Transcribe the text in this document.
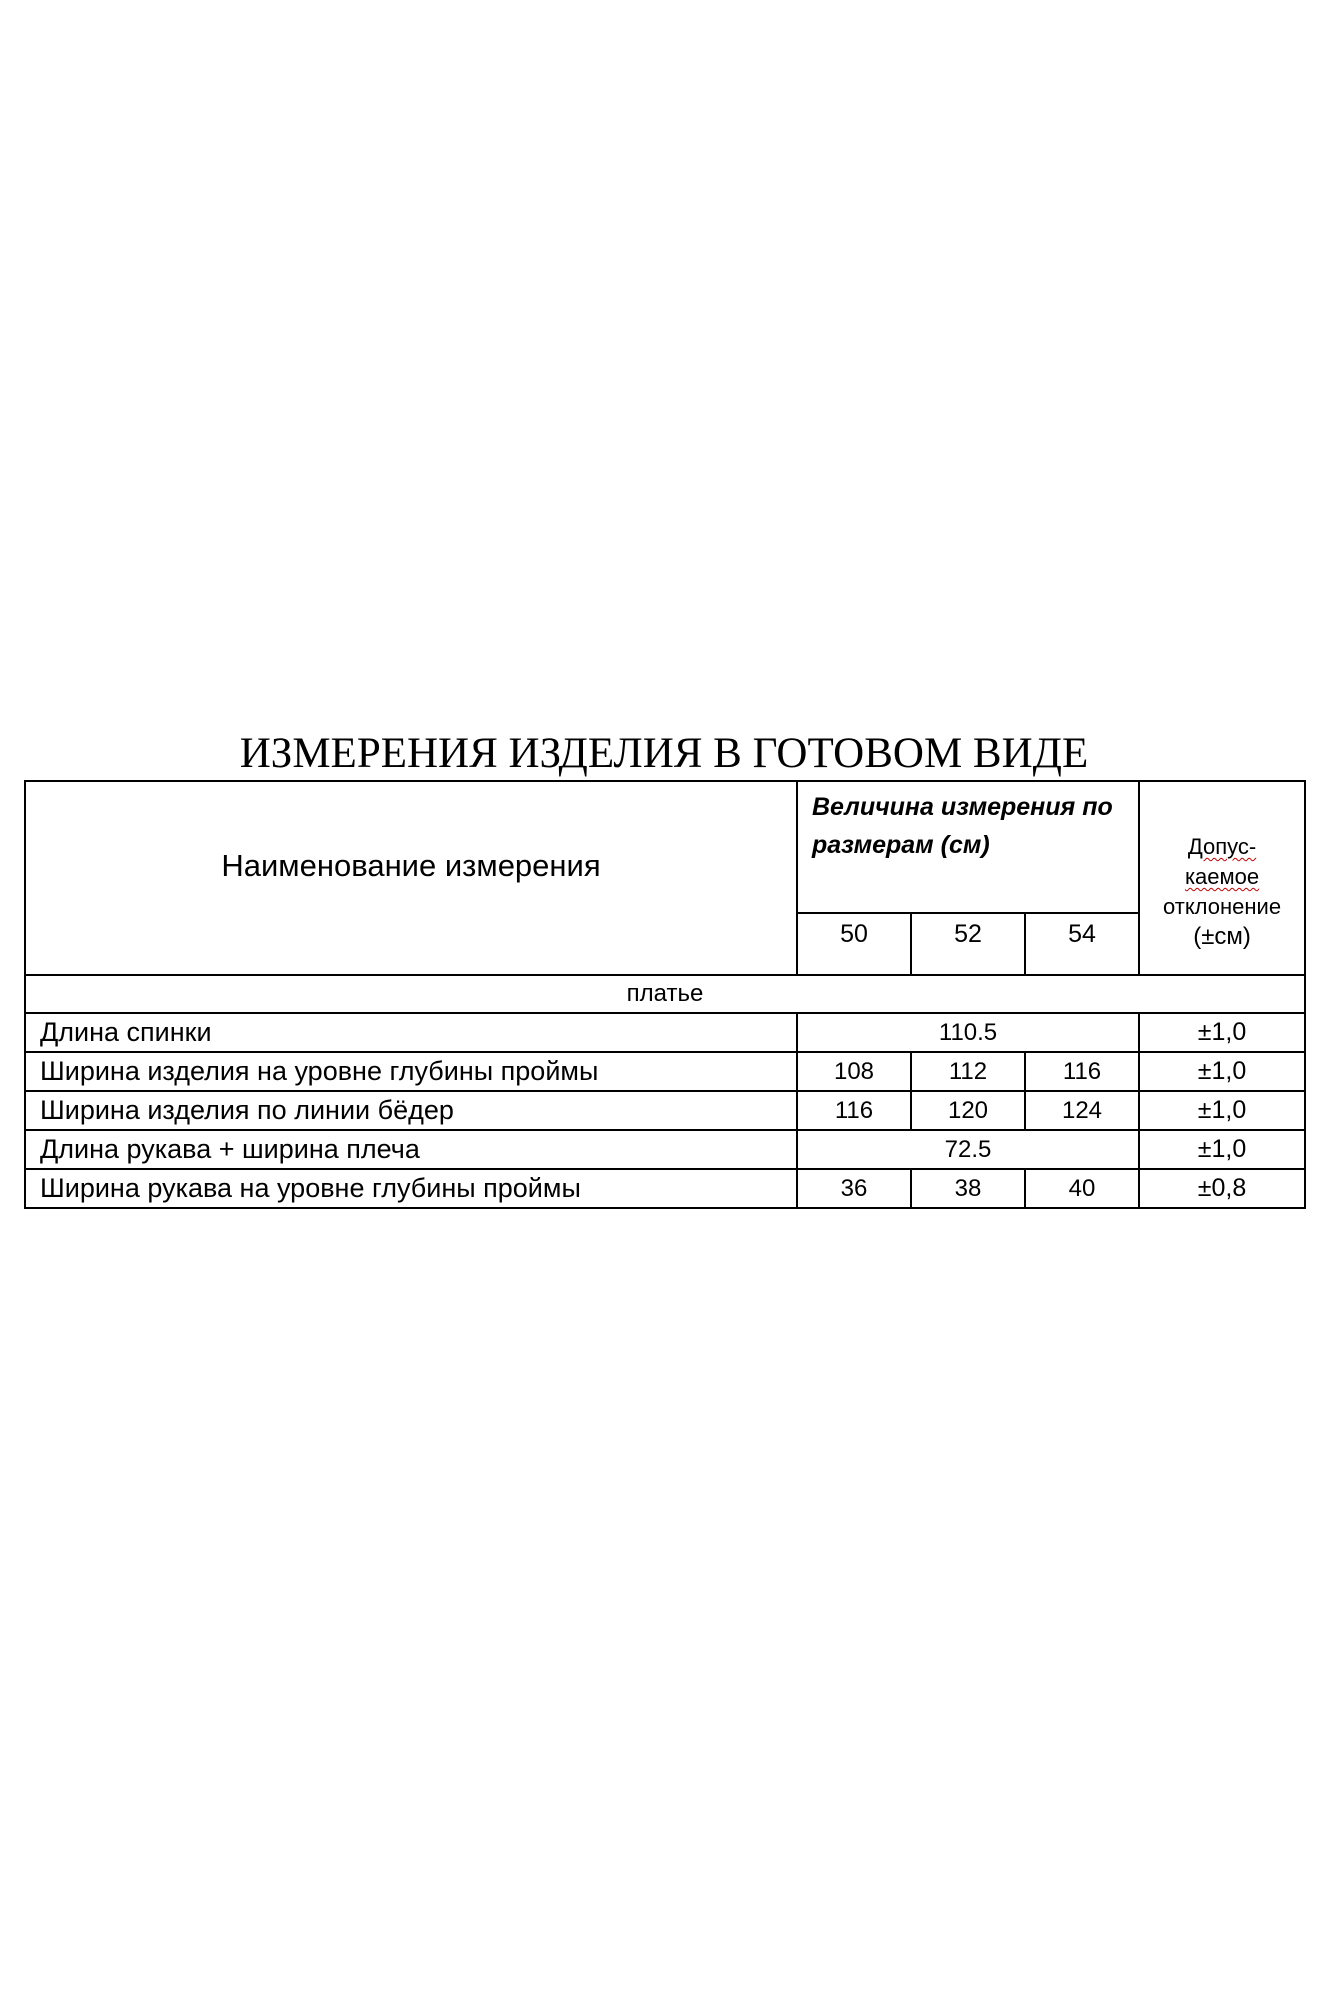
ИЗМЕРЕНИЯ ИЗДЕЛИЯ В ГОТОВОМ ВИДЕ
Наименование измерения	Величина измерения по размерам (см)			Допус-
каемое
отклонение
(±см)
	50	52	54	
платье				
Длина спинки	110.5			±1,0
Ширина изделия на уровне глубины проймы	108	112	116	±1,0
Ширина изделия по линии бёдер	116	120	124	±1,0
Длина рукава + ширина плеча	72.5			±1,0
Ширина рукава на уровне глубины проймы	36	38	40	±0,8
